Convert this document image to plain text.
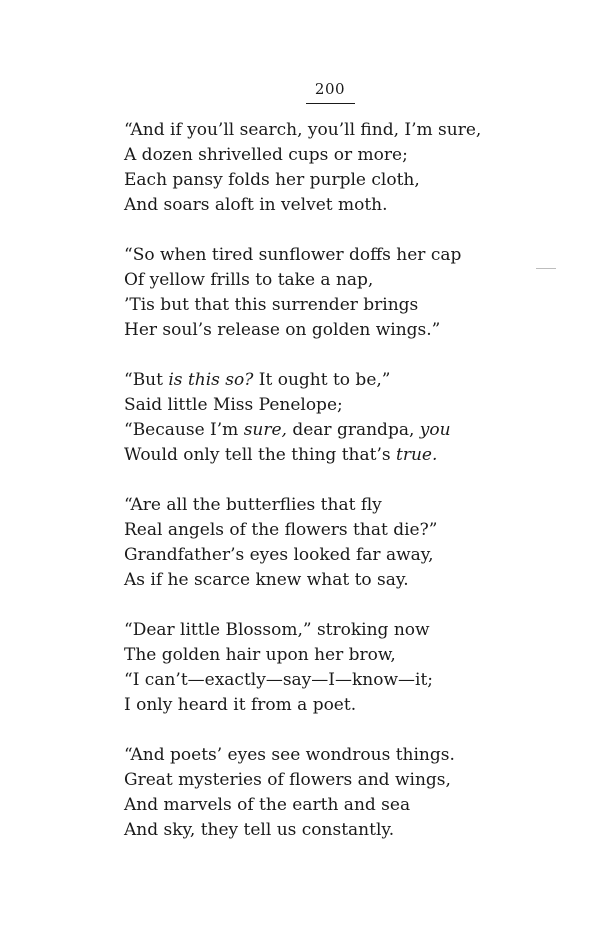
200
“And if you’ll search, you’ll find, I’m sure,
A dozen shrivelled cups or more;
Each pansy folds her purple cloth,
And soars aloft in velvet moth.
“So when tired sunflower doffs her cap
Of yellow frills to take a nap,
’Tis but that this surrender brings
Her soul’s release on golden wings.”
“But is this so? It ought to be,”
Said little Miss Penelope;
“Because I’m sure, dear grandpa, you
Would only tell the thing that’s true.
“Are all the butterflies that fly
Real angels of the flowers that die?”
Grandfather’s eyes looked far away,
As if he scarce knew what to say.
“Dear little Blossom,” stroking now
The golden hair upon her brow,
“I can’t—exactly—say—I—know—it;
I only heard it from a poet.
“And poets’ eyes see wondrous things.
Great mysteries of flowers and wings,
And marvels of the earth and sea
And sky, they tell us constantly.
